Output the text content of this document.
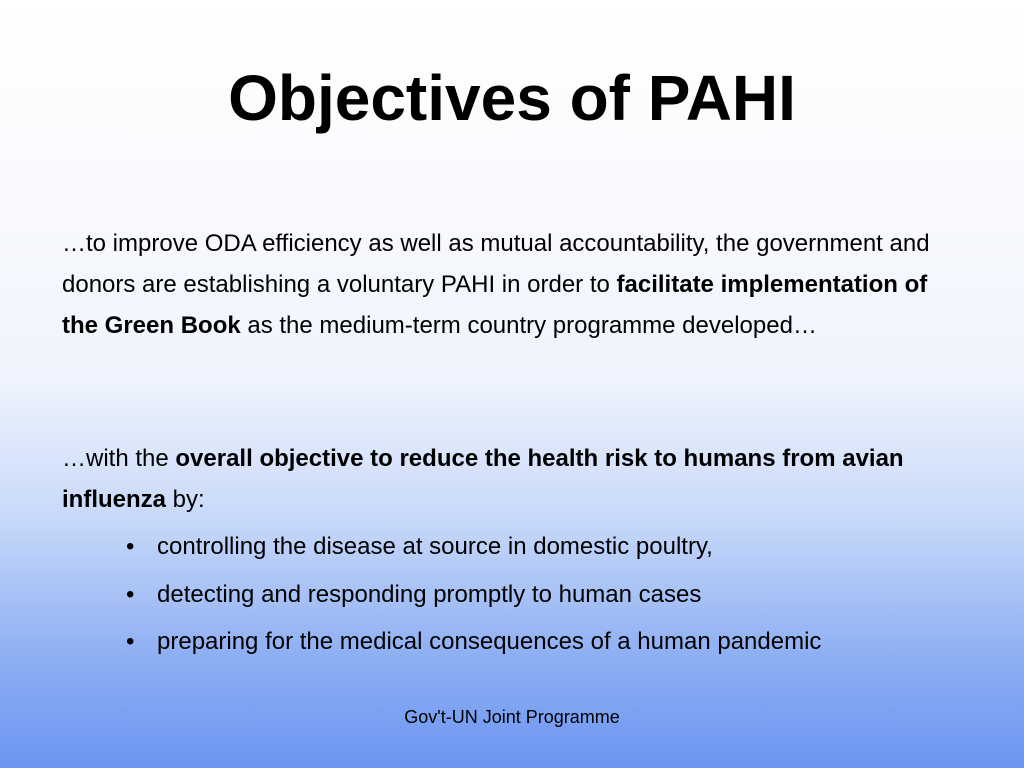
Objectives of PAHI

…to improve ODA efficiency as well as mutual accountability, the government and donors are establishing a voluntary PAHI in order to facilitate implementation of the Green Book as the medium-term country programme developed…

…with the overall objective to reduce the health risk to humans from avian influenza by:

• controlling the disease at source in domestic poultry,
• detecting and responding promptly to human cases
• preparing for the medical consequences of a human pandemic
Gov't-UN Joint Programme
